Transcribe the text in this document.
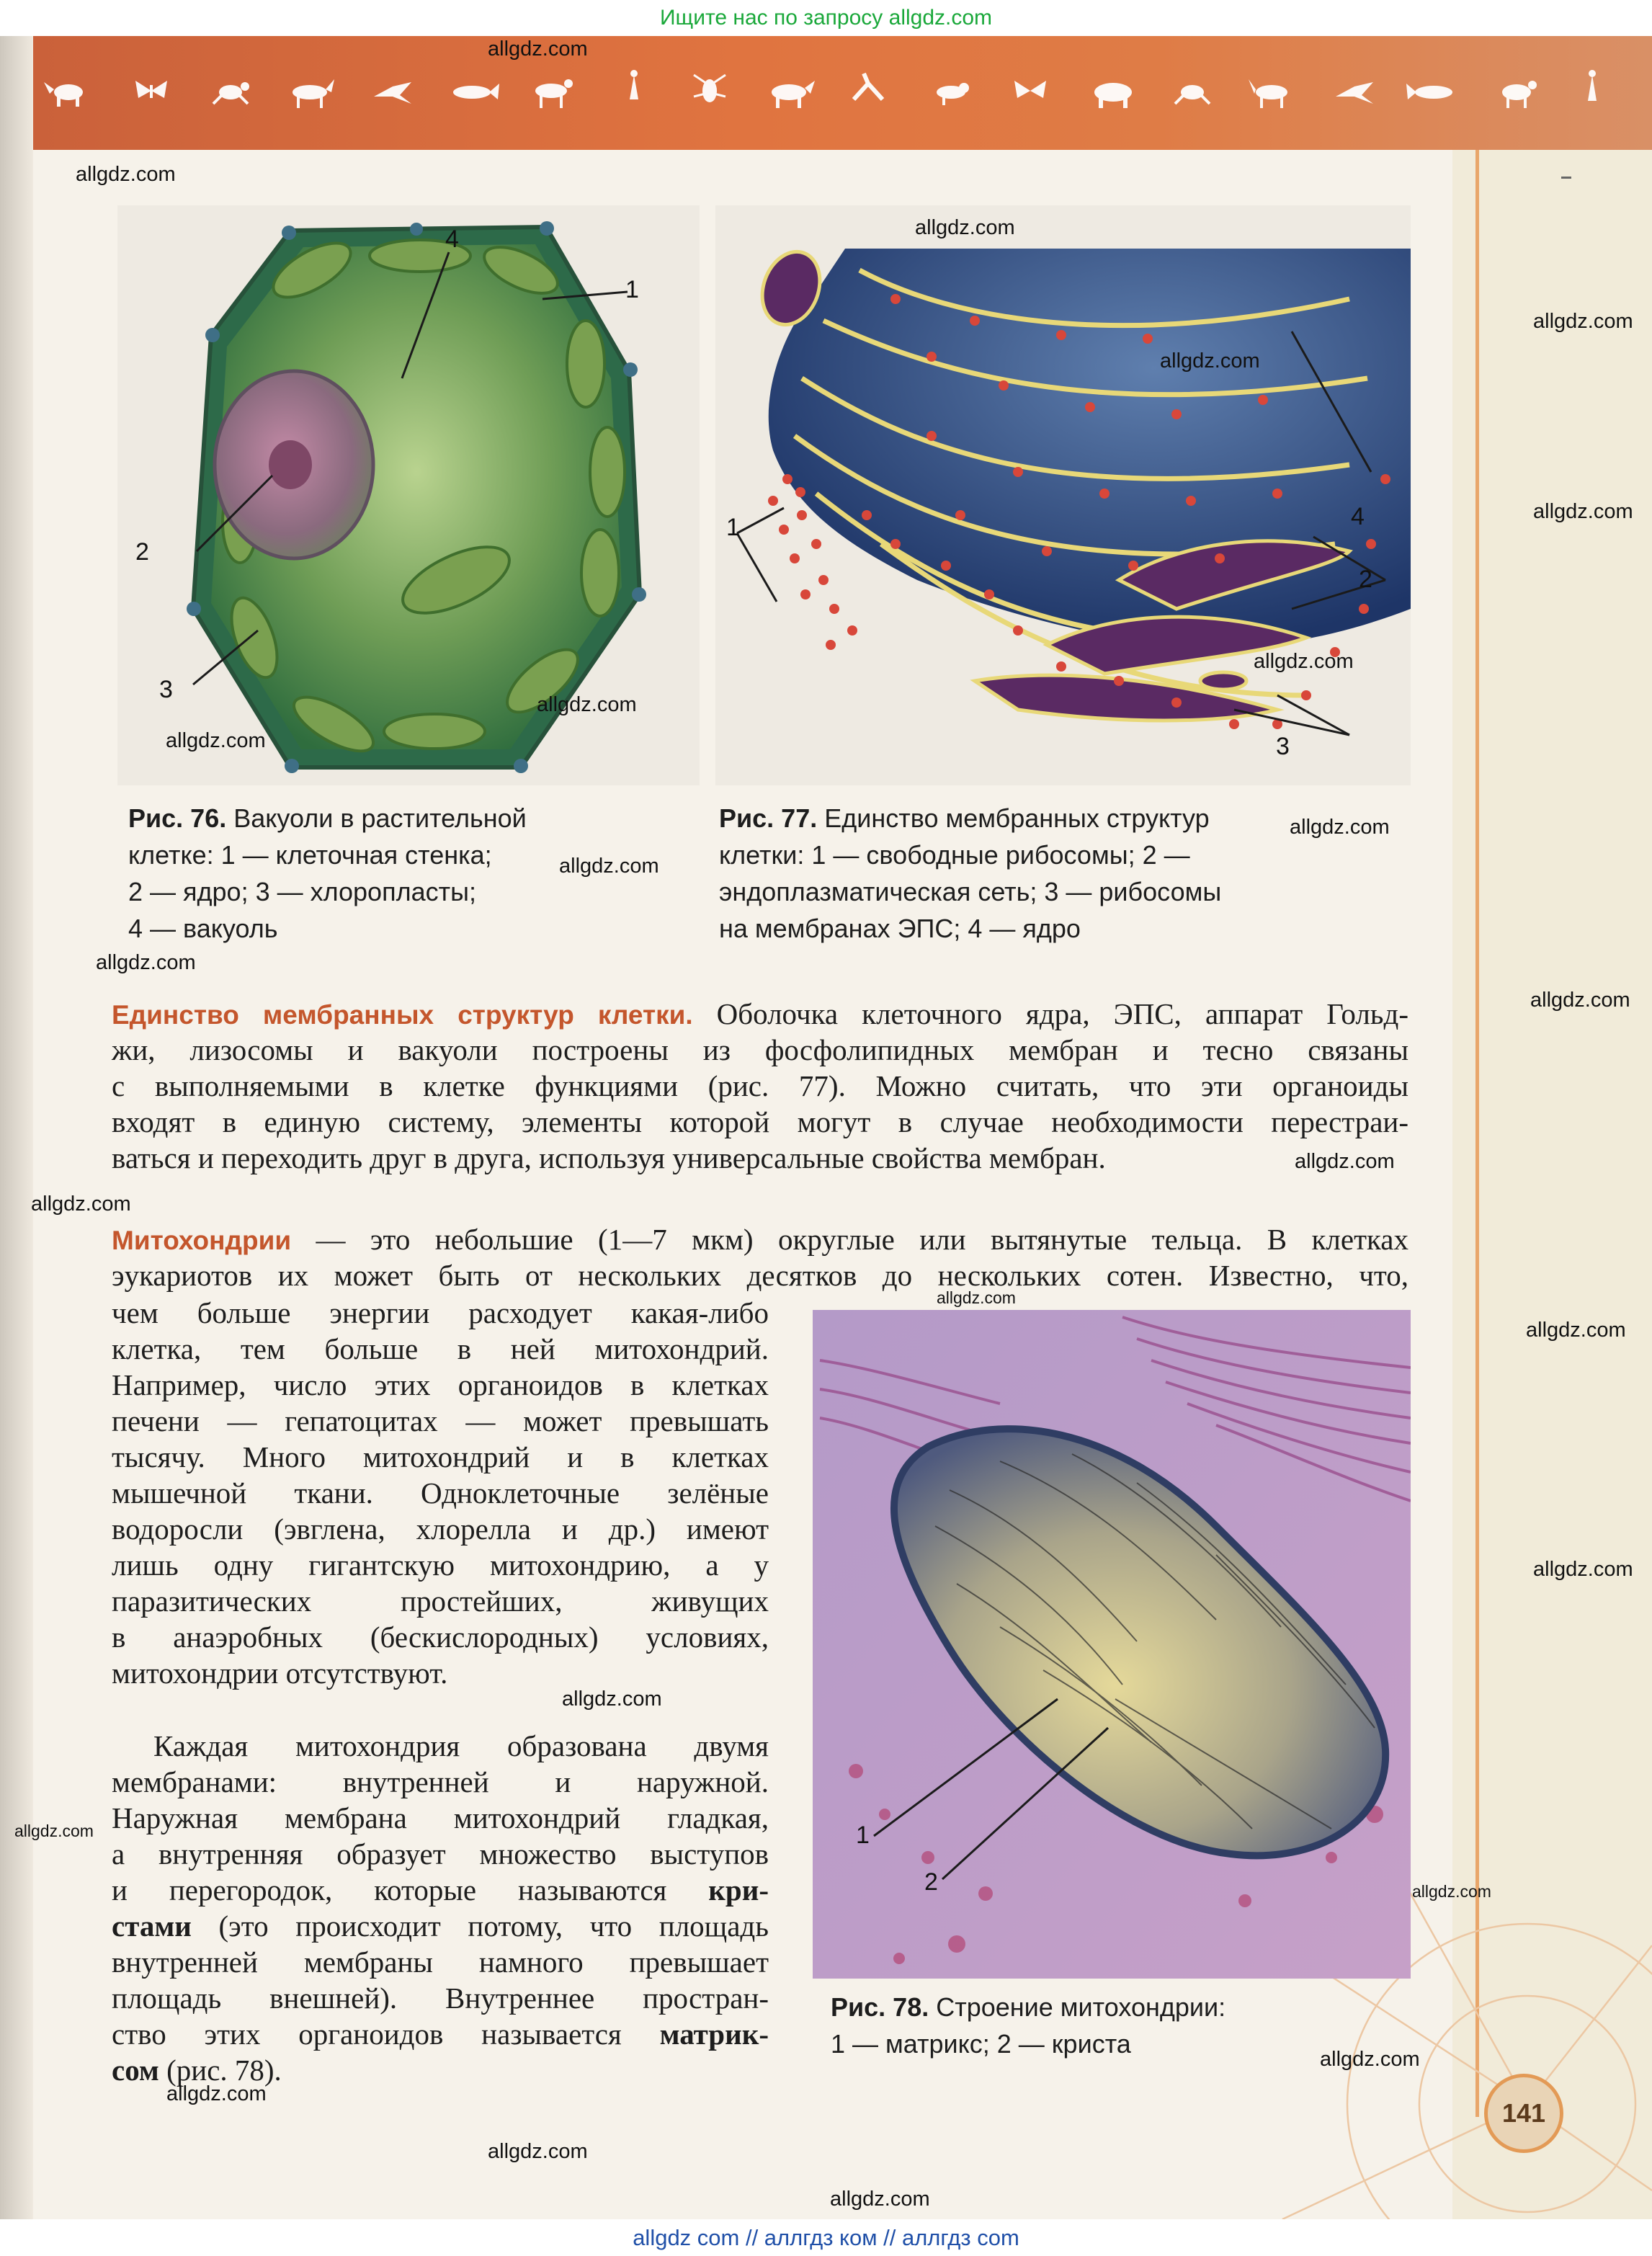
Ищите нас по запросу allgdz.com
141
1
2
3
4
Рис. 76. Вакуоли в растительной
клетке: 1 — клеточная стенка;
2 — ядро; 3 — хлоропласты;
4 — вакуоль
1
2
3
4
Рис. 77. Единство мембранных структур
клетки: 1 — свободные рибосомы; 2 —
эндоплазматическая сеть; 3 — рибосомы
на мембранах ЭПС; 4 — ядро
Единство мембранных структур клетки. Оболочка клеточного ядра, ЭПС, аппарат Гольд-
жи, лизосомы и вакуоли построены из фосфолипидных мембран и тесно связаны
с выполняемыми в клетке функциями (рис. 77). Можно считать, что эти органоиды
входят в единую систему, элементы которой могут в случае необходимости перестраи-
ваться и переходить друг в друга, используя универсальные свойства мембран.
Митохондрии — это небольшие (1—7 мкм) округлые или вытянутые тельца. В клетках
эукариотов их может быть от нескольких десятков до нескольких сотен. Известно, что,
чем больше энергии расходует какая-либо
клетка, тем больше в ней митохондрий.
Например, число этих органоидов в клетках
печени — гепатоцитах — может превышать
тысячу. Много митохондрий и в клетках
мышечной ткани. Одноклеточные зелёные
водоросли (эвглена, хлорелла и др.) имеют
лишь одну гигантскую митохондрию, а у
паразитических простейших, живущих
в анаэробных (бескислородных) условиях,
митохондрии отсутствуют.
Каждая митохондрия образована двумя
мембранами: внутренней и наружной.
Наружная мембрана митохондрий гладкая,
а внутренняя образует множество выступов
и перегородок, которые называются кри-
стами (это происходит потому, что площадь
внутренней мембраны намного превышает
площадь внешней). Внутреннее простран-
ство этих органоидов называется матрик-
сом (рис. 78).
1
2
Рис. 78. Строение митохондрии:
1 — матрикс; 2 — криста
allgdz.com
allgdz.com
allgdz.com
allgdz.com
allgdz.com
allgdz.com
allgdz.com
allgdz.com
allgdz.com
allgdz.com
allgdz.com
allgdz.com
allgdz.com
allgdz.com
allgdz.com
allgdz.com
allgdz.com
allgdz.com
allgdz.com
allgdz.com
allgdz.com
allgdz.com
allgdz.com
allgdz.com
allgdz.com
allgdz com // аллгдз ком // аллгдз com
